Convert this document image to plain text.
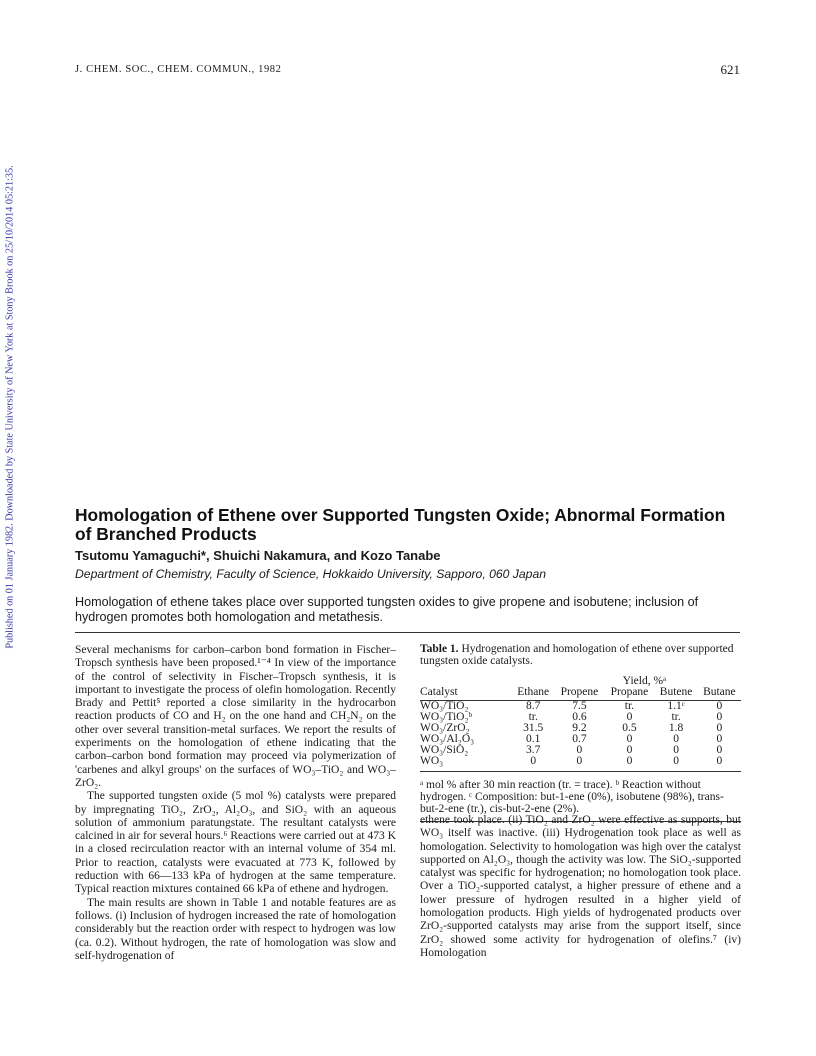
J. CHEM. SOC., CHEM. COMMUN., 1982	621
Published on 01 January 1982. Downloaded by State University of New York at Stony Brook on 25/10/2014 05:21:35.	Homologation of Ethene over Supported Tungsten Oxide; Abnormal Formation of Branched Products
Tsutomu Yamaguchi*, Shuichi Nakamura, and Kozo Tanabe
Department of Chemistry, Faculty of Science, Hokkaido University, Sapporo, 060 Japan

Homologation of ethene takes place over supported tungsten oxides to give propene and isobutene; inclusion of hydrogen promotes both homologation and metathesis.

Several mechanisms for carbon–carbon bond formation in Fischer–Tropsch synthesis have been proposed.¹⁻⁴ In view of the importance of the control of selectivity in Fischer–Tropsch synthesis, it is important to investigate the process of olefin homologation. Recently Brady and Pettit⁵ reported a close similarity in the hydrocarbon reaction products of CO and H₂ on the one hand and CH₂N₂ on the other over several transition-metal surfaces. We report the results of experiments on the homologation of ethene indicating that the carbon–carbon bond formation may proceed via polymerization of 'carbenes and alkyl groups' on the surfaces of WO₃–TiO₂ and WO₃–ZrO₂.

The supported tungsten oxide (5 mol %) catalysts were prepared by impregnating TiO₂, ZrO₂, Al₂O₃, and SiO₂ with an aqueous solution of ammonium paratungstate. The resultant catalysts were calcined in air for several hours.⁶ Reactions were carried out at 473 K in a closed recirculation reactor with an internal volume of 354 ml. Prior to reaction, catalysts were evacuated at 773 K, followed by reduction with 66—133 kPa of hydrogen at the same temperature. Typical reaction mixtures contained 66 kPa of ethene and hydrogen.

The main results are shown in Table 1 and notable features are as follows. (i) Inclusion of hydrogen increased the rate of homologation considerably but the reaction order with respect to hydrogen was low (ca. 0.2). Without hydrogen, the rate of homologation was slow and self-hydrogenation of

Table 1. Hydrogenation and homologation of ethene over supported tungsten oxide catalysts.

	Yield, %ᵃ				
Catalyst	Ethane	Propene	Propane	Butene	Butane
WO₃/TiO₂	8.7	7.5	tr.	1.1ᶜ	0
WO₃/TiO₂ᵇ	tr.	0.6	0	tr.	0
WO₃/ZrO₂	31.5	9.2	0.5	1.8	0
WO₃/Al₂O₃	0.1	0.7	0	0	0
WO₃/SiO₂	3.7	0	0	0	0
WO₃	0	0	0	0	0

ᵃ mol % after 30 min reaction (tr. = trace). ᵇ Reaction without hydrogen. ᶜ Composition: but-1-ene (0%), isobutene (98%), trans-but-2-ene (tr.), cis-but-2-ene (2%).

ethene took place. (ii) TiO₂ and ZrO₂ were effective as supports, but WO₃ itself was inactive. (iii) Hydrogenation took place as well as homologation. Selectivity to homologation was high over the catalyst supported on Al₂O₃, though the activity was low. The SiO₂-supported catalyst was specific for hydrogenation; no homologation took place. Over a TiO₂-supported catalyst, a higher pressure of ethene and a lower pressure of hydrogen resulted in a higher yield of homologation products. High yields of hydrogenated products over ZrO₂-supported catalysts may arise from the support itself, since ZrO₂ showed some activity for hydrogenation of olefins.⁷ (iv) Homologation
